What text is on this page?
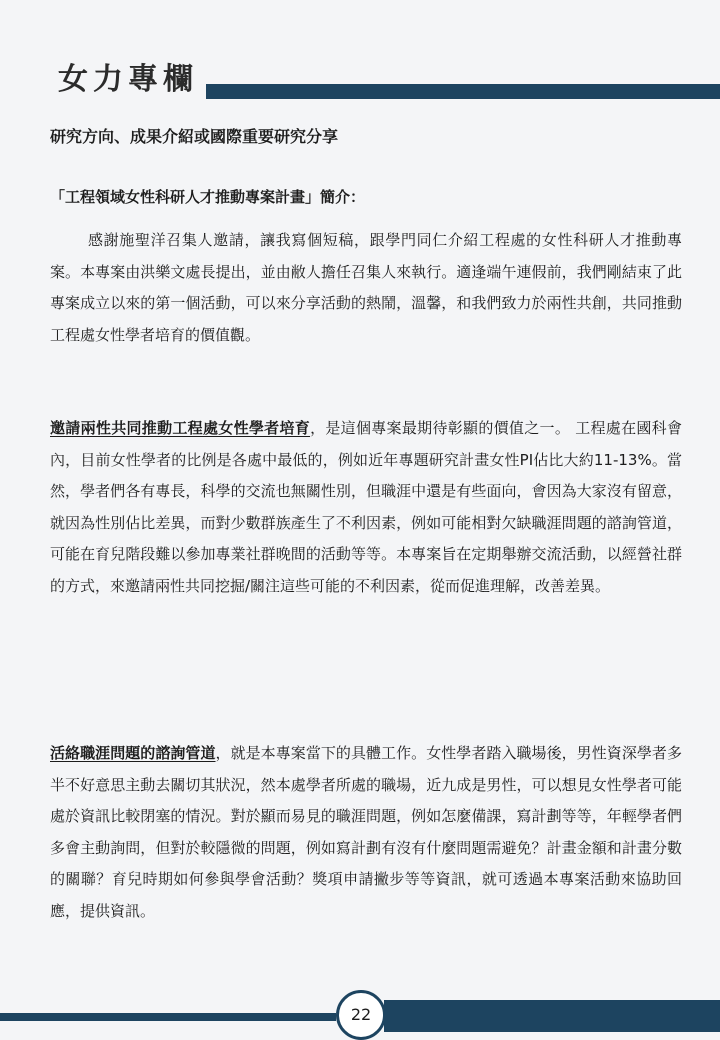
女力專欄
研究方向、成果介紹或國際重要研究分享
「工程領域女性科研人才推動專案計畫」簡介：

感謝施聖洋召集人邀請，讓我寫個短稿，跟學門同仁介紹工程處的女性科研人才推動專案。本專案由洪樂文處長提出，並由敝人擔任召集人來執行。適逢端午連假前，我們剛結束了此專案成立以來的第一個活動，可以來分享活動的熱鬧，溫馨，和我們致力於兩性共創，共同推動工程處女性學者培育的價值觀。

邀請兩性共同推動工程處女性學者培育，是這個專案最期待彰顯的價值之一。 工程處在國科會內，目前女性學者的比例是各處中最低的，例如近年專題研究計畫女性PI佔比大約11-13%。當然，學者們各有專長，科學的交流也無關性別，但職涯中還是有些面向，會因為大家沒有留意，就因為性別佔比差異，而對少數群族產生了不利因素，例如可能相對欠缺職涯問題的諮詢管道，可能在育兒階段難以參加專業社群晚間的活動等等。本專案旨在定期舉辦交流活動，以經營社群的方式，來邀請兩性共同挖掘/關注這些可能的不利因素，從而促進理解，改善差異。

活絡職涯問題的諮詢管道，就是本專案當下的具體工作。女性學者踏入職場後，男性資深學者多半不好意思主動去關切其狀況，然本處學者所處的職場，近九成是男性，可以想見女性學者可能處於資訊比較閉塞的情況。對於顯而易見的職涯問題，例如怎麼備課，寫計劃等等，年輕學者們多會主動詢問，但對於較隱微的問題，例如寫計劃有沒有什麼問題需避免？計畫金額和計畫分數的關聯？育兒時期如何參與學會活動？獎項申請撇步等等資訊，就可透過本專案活動來協助回應，提供資訊。

22
